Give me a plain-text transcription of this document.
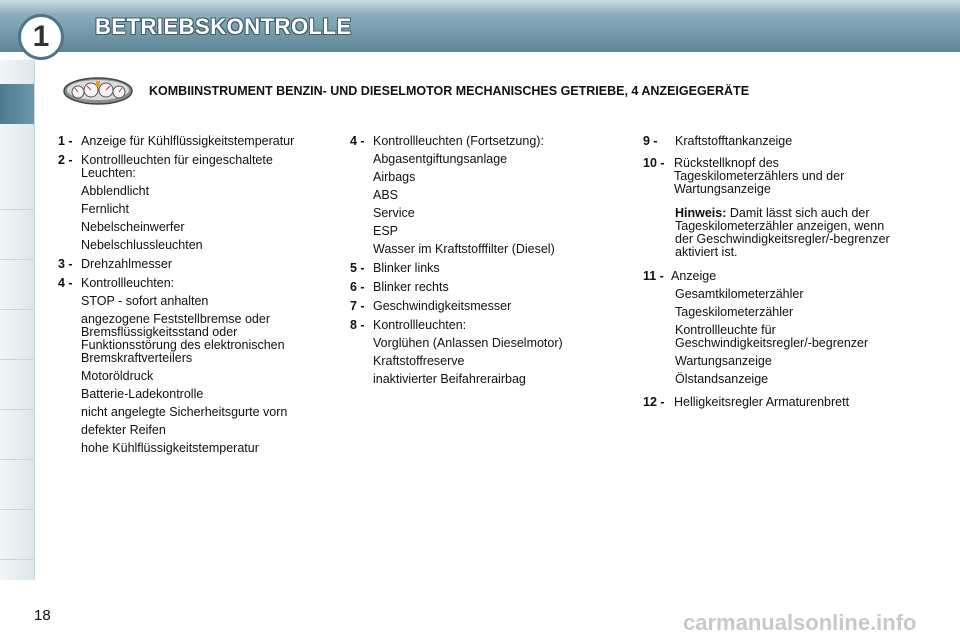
1 BETRIEBSKONTROLLE
KOMBIINSTRUMENT BENZIN- UND DIESELMOTOR MECHANISCHES GETRIEBE, 4 ANZEIGEGERÄTE
1 - Anzeige für Kühlflüssigkeitstemperatur
2 - Kontrollleuchten für eingeschaltete Leuchten:
Abblendlicht
Fernlicht
Nebelscheinwerfer
Nebelschlussleuchten
3 - Drehzahlmesser
4 - Kontrollleuchten:
STOP - sofort anhalten
angezogene Feststellbremse oder Bremsflüssigkeitsstand oder Funktionsstörung des elektronischen Bremskraftverteilers
Motoröldruck
Batterie-Ladekontrolle
nicht angelegte Sicherheitsgurte vorn
defekter Reifen
hohe Kühlflüssigkeitstemperatur
4 - Kontrollleuchten (Fortsetzung):
Abgasentgiftungsanlage
Airbags
ABS
Service
ESP
Wasser im Kraftstofffilter (Diesel)
5 - Blinker links
6 - Blinker rechts
7 - Geschwindigkeitsmesser
8 - Kontrollleuchten:
Vorglühen (Anlassen Dieselmotor)
Kraftstoffreserve
inaktivierter Beifahrerairbag
9 - Kraftstofftankanzeige
10 - Rückstellknopf des Tageskilometerzählers und der Wartungsanzeige
Hinweis: Damit lässt sich auch der Tageskilometerzähler anzeigen, wenn der Geschwindigkeitsregler/-begrenzer aktiviert ist.
11 - Anzeige
Gesamtkilometerzähler
Tageskilometerzähler
Kontrollleuchte für Geschwindigkeitsregler/-begrenzer
Wartungsanzeige
Ölstandsanzeige
12 - Helligkeitsregler Armaturenbrett
18	carmanualsonline.info
